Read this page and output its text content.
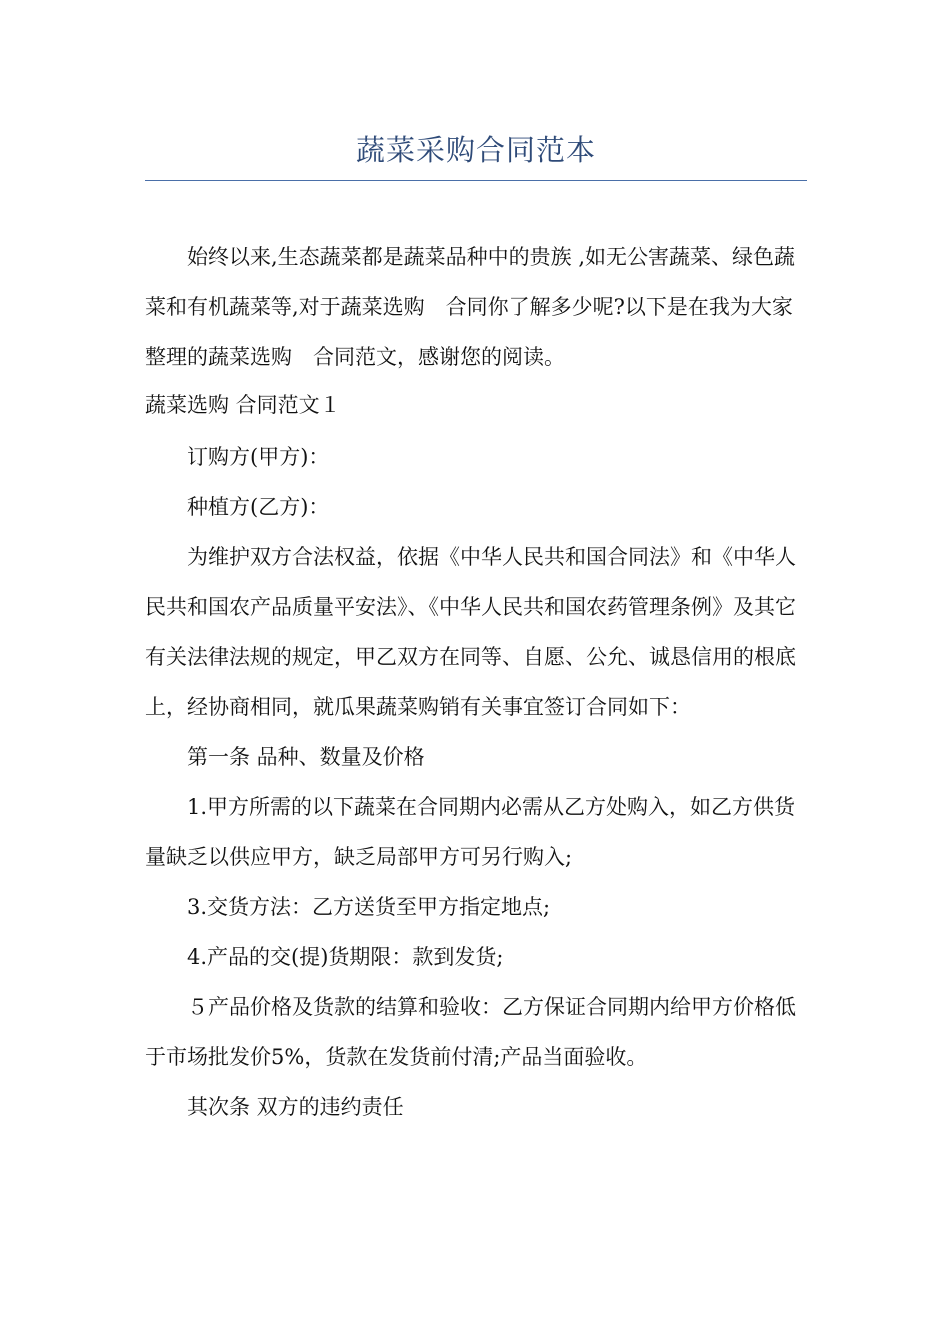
蔬菜采购合同范本

始终以来,生态蔬菜都是蔬菜品种中的贵族 ,如无公害蔬菜、绿色蔬菜和有机蔬菜等,对于蔬菜选购　合同你了解多少呢?以下是在我为大家整理的蔬菜选购　合同范文，感谢您的阅读。

蔬菜选购 合同范文１

订购方(甲方)：

种植方(乙方)：

为维护双方合法权益，依据《中华人民共和国合同法》和《中华人民共和国农产品质量平安法》、《中华人民共和国农药管理条例》及其它有关法律法规的规定，甲乙双方在同等、自愿、公允、诚恳信用的根底上，经协商相同，就瓜果蔬菜购销有关事宜签订合同如下：

第一条 品种、数量及价格

1.甲方所需的以下蔬菜在合同期内必需从乙方处购入，如乙方供货量缺乏以供应甲方，缺乏局部甲方可另行购入;

3.交货方法：乙方送货至甲方指定地点;

4.产品的交(提)货期限：款到发货;

５产品价格及货款的结算和验收：乙方保证合同期内给甲方价格低于市场批发价5%，货款在发货前付清;产品当面验收。

其次条 双方的违约责任
